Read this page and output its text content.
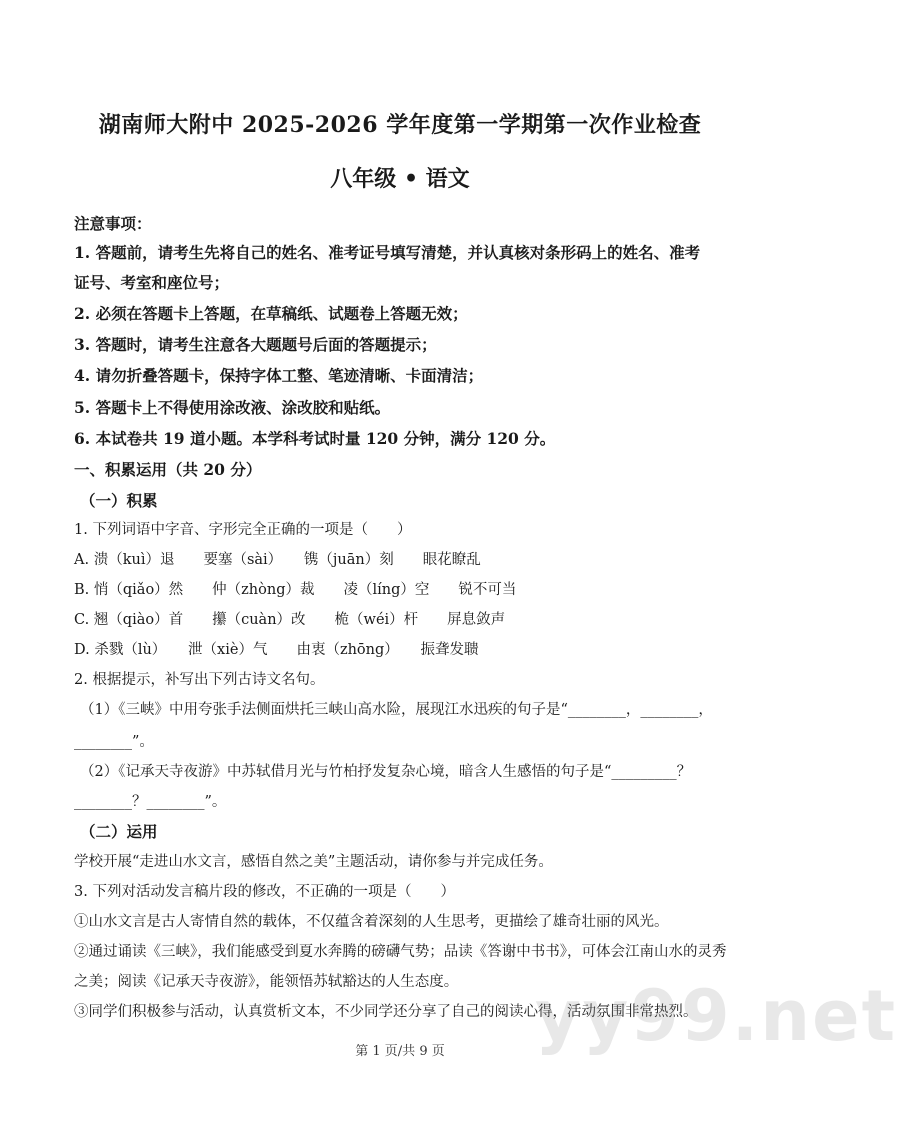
湖南师大附中 2025-2026 学年度第一学期第一次作业检查
八年级 • 语文
注意事项：
1. 答题前，请考生先将自己的姓名、准考证号填写清楚，并认真核对条形码上的姓名、准考
证号、考室和座位号；
2. 必须在答题卡上答题，在草稿纸、试题卷上答题无效；
3. 答题时，请考生注意各大题题号后面的答题提示；
4. 请勿折叠答题卡，保持字体工整、笔迹清晰、卡面清洁；
5. 答题卡上不得使用涂改液、涂改胶和贴纸。
6. 本试卷共 19 道小题。本学科考试时量 120 分钟，满分 120 分。
一、积累运用（共 20 分）
（一）积累
1. 下列词语中字音、字形完全正确的一项是（　　）
A. 溃（kuì）退　　要塞（sài）　　镌（juān）刻　　眼花瞭乱
B. 悄（qiǎo）然　　仲（zhòng）裁　　凌（líng）空　　锐不可当
C. 翘（qiào）首　　攥（cuàn）改　　桅（wéi）杆　　屏息敛声
D. 杀戮（lù）　　泄（xiè）气　　由衷（zhōng）　　振聋发聩
2. 根据提示，补写出下列古诗文名句。
（1）《三峡》中用夸张手法侧面烘托三峡山高水险，展现江水迅疾的句子是“________，________，
________”。
（2）《记承天寺夜游》中苏轼借月光与竹柏抒发复杂心境，暗含人生感悟的句子是“_________？
________？________”。
（二）运用
学校开展“走进山水文言，感悟自然之美”主题活动，请你参与并完成任务。
3. 下列对活动发言稿片段的修改，不正确的一项是（　　）
①山水文言是古人寄情自然的载体，不仅蕴含着深刻的人生思考，更描绘了雄奇壮丽的风光。
②通过诵读《三峡》，我们能感受到夏水奔腾的磅礴气势；品读《答谢中书书》，可体会江南山水的灵秀
之美；阅读《记承天寺夜游》，能领悟苏轼豁达的人生态度。
③同学们积极参与活动，认真赏析文本，不少同学还分享了自己的阅读心得，活动氛围非常热烈。
yy99.net
第 1 页/共 9 页
